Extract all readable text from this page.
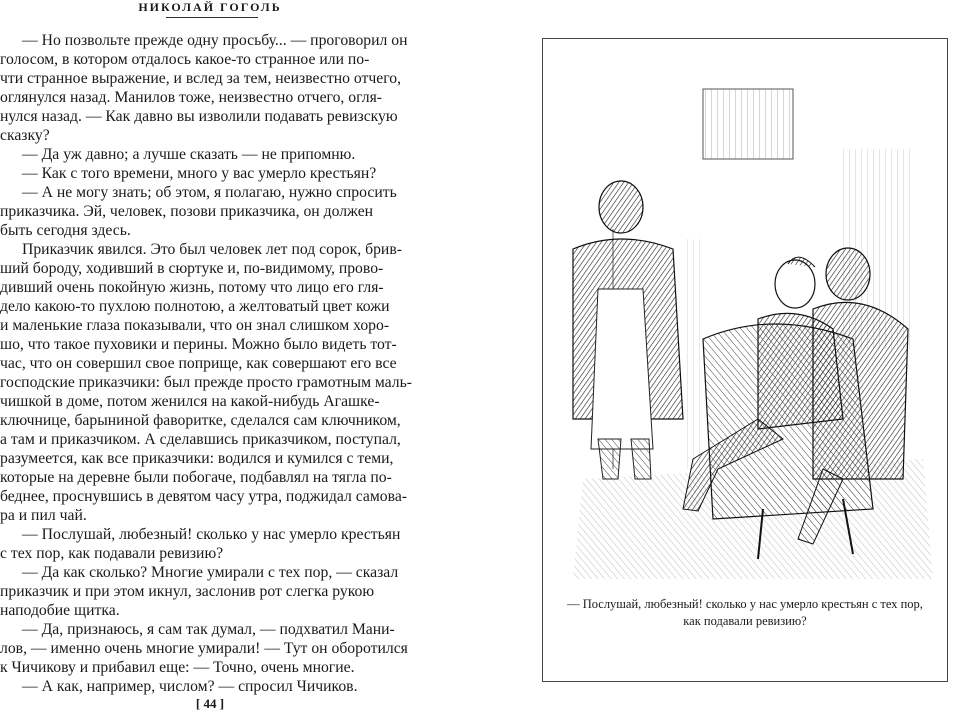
НИКОЛАЙ ГОГОЛЬ

— Но позвольте прежде одну просьбу... — проговорил он
голосом, в котором отдалось какое-то странное или по-
чти странное выражение, и вслед за тем, неизвестно отчего,
оглянулся назад. Манилов тоже, неизвестно отчего, огля-
нулся назад. — Как давно вы изволили подавать ревизскую
сказку?

— Да уж давно; а лучше сказать — не припомню.

— Как с того времени, много у вас умерло крестьян?

— А не могу знать; об этом, я полагаю, нужно спросить
приказчика. Эй, человек, позови приказчика, он должен
быть сегодня здесь.

Приказчик явился. Это был человек лет под сорок, брив-
ший бороду, ходивший в сюртуке и, по-видимому, прово-
дивший очень покойную жизнь, потому что лицо его гля-
дело какою-то пухлою полнотою, а желтоватый цвет кожи
и маленькие глаза показывали, что он знал слишком хоро-
шо, что такое пуховики и перины. Можно было видеть тот-
час, что он совершил свое поприще, как совершают его все
господские приказчики: был прежде просто грамотным маль-
чишкой в доме, потом женился на какой-нибудь Агашке-
ключнице, барыниной фаворитке, сделался сам ключником,
а там и приказчиком. А сделавшись приказчиком, поступал,
разумеется, как все приказчики: водился и кумился с теми,
которые на деревне были побогаче, подбавлял на тягла по-
беднее, проснувшись в девятом часу утра, поджидал самова-
ра и пил чай.

— Послушай, любезный! сколько у нас умерло крестьян
с тех пор, как подавали ревизию?

— Да как сколько? Многие умирали с тех пор, — сказал
приказчик и при этом икнул, заслонив рот слегка рукою
наподобие щитка.

— Да, признаюсь, я сам так думал, — подхватил Мани-
лов, — именно очень многие умирали! — Тут он оборотился
к Чичикову и прибавил еще: — Точно, очень многие.

— А как, например, числом? — спросил Чичиков.

[ 44 ]
— Послушай, любезный! сколько у нас умерло крестьян с тех пор,
как подавали ревизию?
